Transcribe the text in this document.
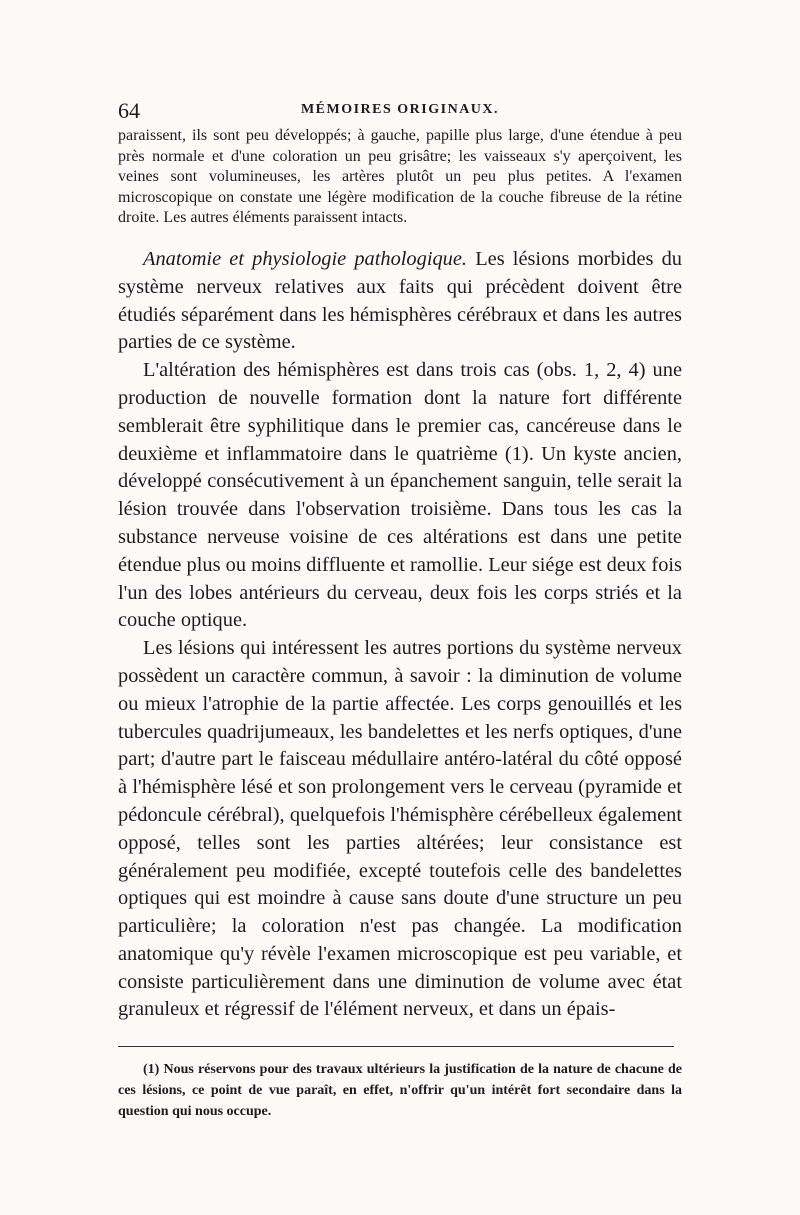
64	MÉMOIRES ORIGINAUX.

paraissent, ils sont peu développés; à gauche, papille plus large, d'une étendue à peu près normale et d'une coloration un peu grisâtre; les vaisseaux s'y aperçoivent, les veines sont volumineuses, les artères plutôt un peu plus petites. A l'examen microscopique on constate une légère modification de la couche fibreuse de la rétine droite. Les autres éléments paraissent intacts.

Anatomie et physiologie pathologique. Les lésions morbides du système nerveux relatives aux faits qui précèdent doivent être étudiés séparément dans les hémisphères cérébraux et dans les autres parties de ce système.

L'altération des hémisphères est dans trois cas (obs. 1, 2, 4) une production de nouvelle formation dont la nature fort différente semblerait être syphilitique dans le premier cas, cancéreuse dans le deuxième et inflammatoire dans le quatrième (1). Un kyste ancien, développé consécutivement à un épanchement sanguin, telle serait la lésion trouvée dans l'observation troisième. Dans tous les cas la substance nerveuse voisine de ces altérations est dans une petite étendue plus ou moins diffluente et ramollie. Leur siége est deux fois l'un des lobes antérieurs du cerveau, deux fois les corps striés et la couche optique.

Les lésions qui intéressent les autres portions du système nerveux possèdent un caractère commun, à savoir : la diminution de volume ou mieux l'atrophie de la partie affectée. Les corps genouillés et les tubercules quadrijumeaux, les bandelettes et les nerfs optiques, d'une part; d'autre part le faisceau médullaire antéro-latéral du côté opposé à l'hémisphère lésé et son prolongement vers le cerveau (pyramide et pédoncule cérébral), quelquefois l'hémisphère cérébelleux également opposé, telles sont les parties altérées; leur consistance est généralement peu modifiée, excepté toutefois celle des bandelettes optiques qui est moindre à cause sans doute d'une structure un peu particulière; la coloration n'est pas changée. La modification anatomique qu'y révèle l'examen microscopique est peu variable, et consiste particulièrement dans une diminution de volume avec état granuleux et régressif de l'élément nerveux, et dans un épais-

(1) Nous réservons pour des travaux ultérieurs la justification de la nature de chacune de ces lésions, ce point de vue paraît, en effet, n'offrir qu'un intérêt fort secondaire dans la question qui nous occupe.
